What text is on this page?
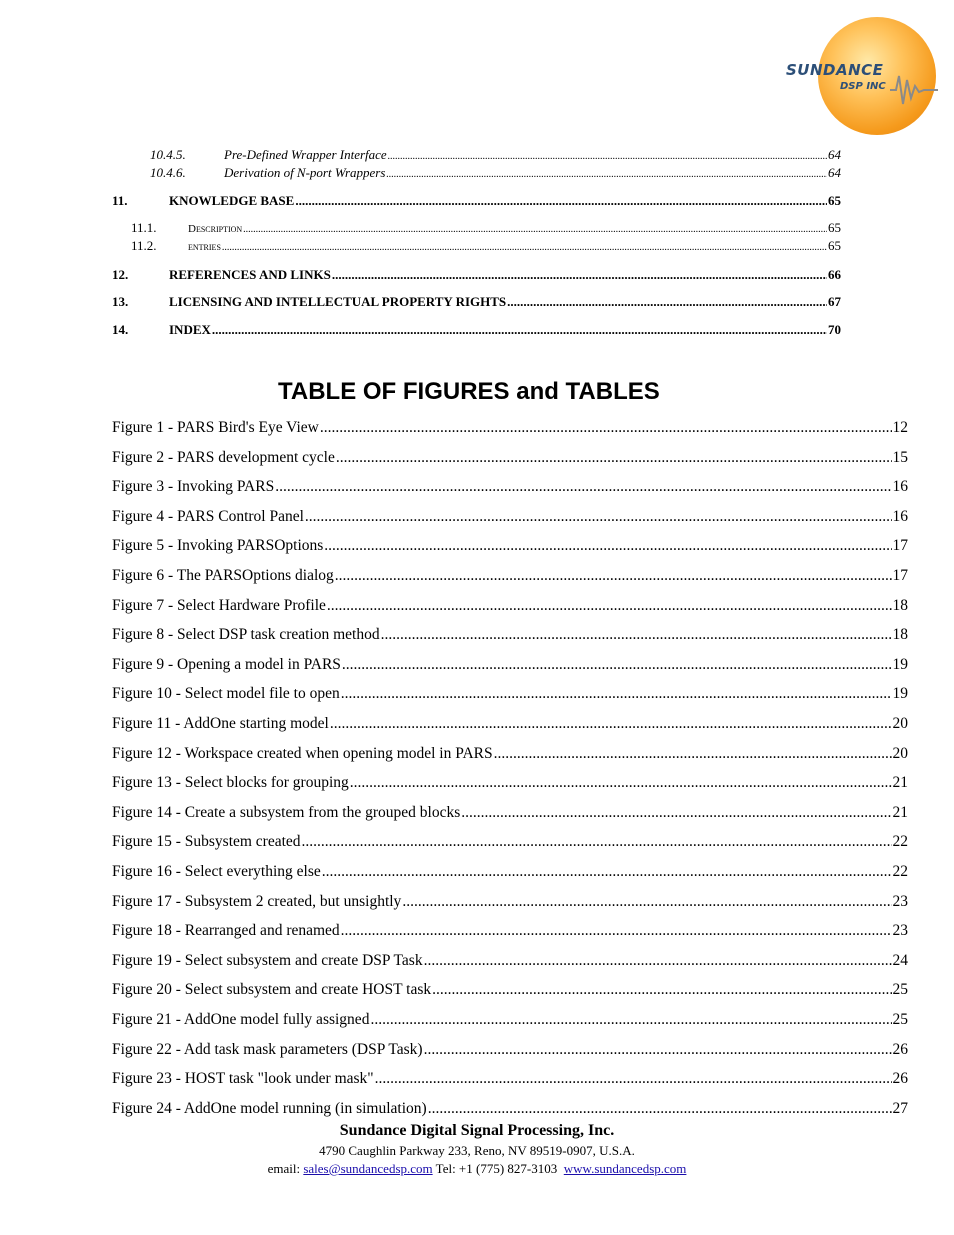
SUNDANCE
DSP INC
10.4.5.	Pre-Defined Wrapper Interface .....	64
10.4.6.	Derivation of N-port Wrappers .....	64
11.	KNOWLEDGE BASE .....	65
11.1.	Description .....	65
11.2.	entries .....	65
12.	REFERENCES AND LINKS .....	66
13.	LICENSING AND INTELLECTUAL PROPERTY RIGHTS .....	67
14.	INDEX .....	70
TABLE OF FIGURES and TABLES
Figure 1 - PARS Bird's Eye View .....	12
Figure 2 - PARS development cycle .....	15
Figure 3 - Invoking PARS .....	16
Figure 4 - PARS Control Panel .....	16
Figure 5 - Invoking PARSOptions .....	17
Figure 6 - The PARSOptions dialog .....	17
Figure 7 - Select Hardware Profile .....	18
Figure 8 - Select DSP task creation method .....	18
Figure 9 - Opening a model in PARS .....	19
Figure 10 - Select model file to open .....	19
Figure 11 - AddOne starting model .....	20
Figure 12 - Workspace created when opening model in PARS .....	20
Figure 13 - Select blocks for grouping .....	21
Figure 14 - Create a subsystem from the grouped blocks .....	21
Figure 15 - Subsystem created .....	22
Figure 16 - Select everything else .....	22
Figure 17 - Subsystem 2 created, but unsightly .....	23
Figure 18 - Rearranged and renamed .....	23
Figure 19 - Select subsystem and create DSP Task .....	24
Figure 20 - Select subsystem and create HOST task .....	25
Figure 21 - AddOne model fully assigned .....	25
Figure 22 - Add task mask parameters (DSP Task) .....	26
Figure 23 - HOST task "look under mask" .....	26
Figure 24 - AddOne model running (in simulation) .....	27
Sundance Digital Signal Processing, Inc.
4790 Caughlin Parkway 233, Reno, NV 89519-0907, U.S.A.
email: sales@sundancedsp.com Tel: +1 (775) 827-3103 www.sundancedsp.com
